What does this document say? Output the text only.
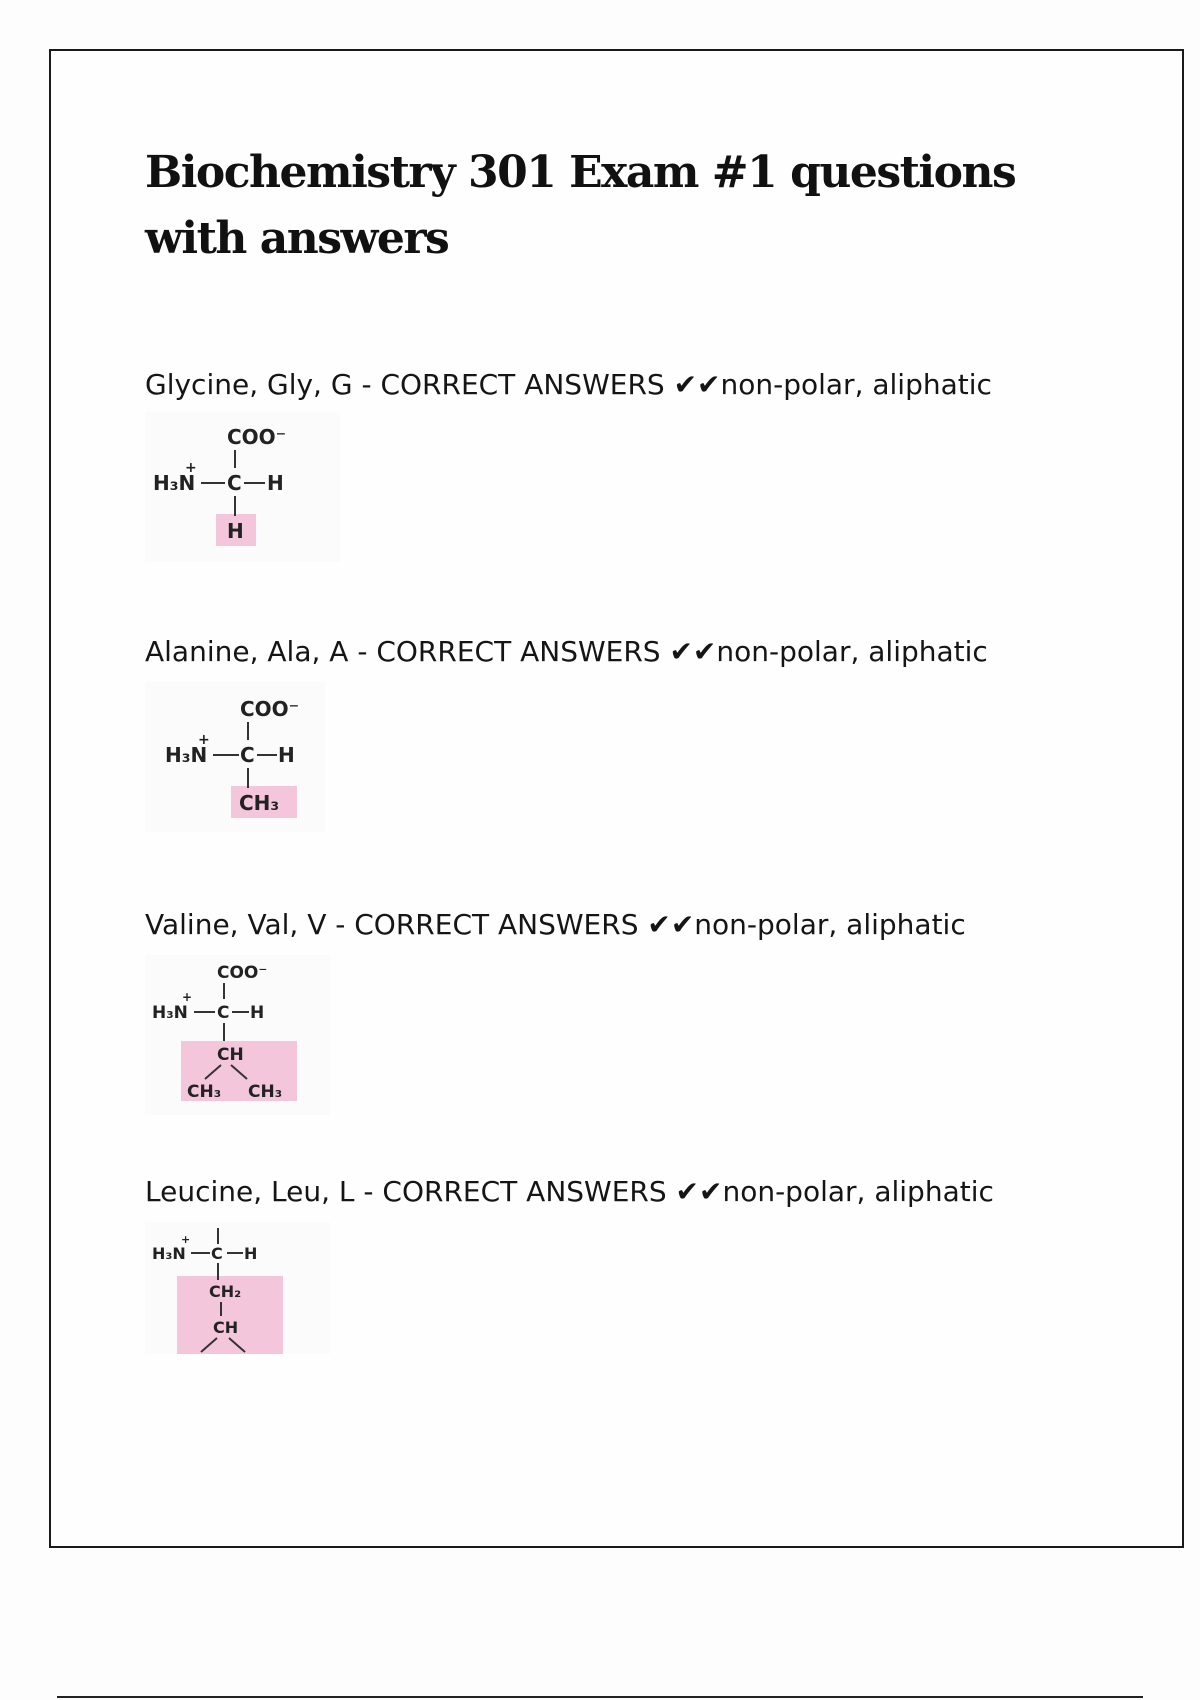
Biochemistry 301 Exam #1 questions with answers
Glycine, Gly, G - CORRECT ANSWERS ✔✔non-polar, aliphatic
COO⁻
H₃N
+
C H
H
Alanine, Ala, A - CORRECT ANSWERS ✔✔non-polar, aliphatic
COO⁻
H₃N
+
C H
CH₃
Valine, Val, V - CORRECT ANSWERS ✔✔non-polar, aliphatic
COO⁻
H₃N
+
C H
CH
CH₃ CH₃
Leucine, Leu, L - CORRECT ANSWERS ✔✔non-polar, aliphatic
H₃N
+
C H
CH₂
CH
